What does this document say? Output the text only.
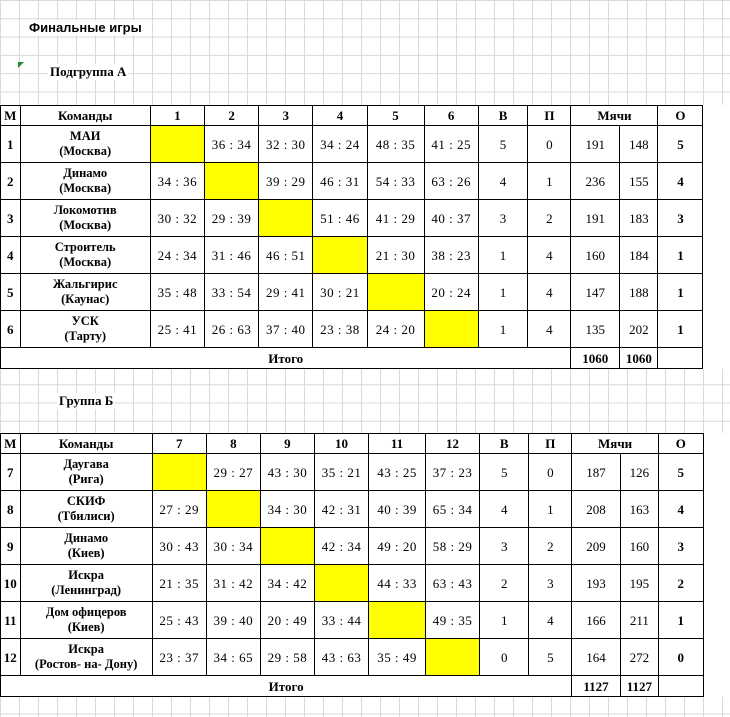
Финальные игры
Подгруппа А
М	Команды	1	2	3	4	5	6	В	П	Мячи		О
1	МАИ
(Москва)		36 : 34	32 : 30	34 : 24	48 : 35	41 : 25	5	0	191	148	5
2	Динамо
(Москва)	34 : 36		39 : 29	46 : 31	54 : 33	63 : 26	4	1	236	155	4
3	Локомотив
(Москва)	30 : 32	29 : 39		51 : 46	41 : 29	40 : 37	3	2	191	183	3
4	Строитель
(Москва)	24 : 34	31 : 46	46 : 51		21 : 30	38 : 23	1	4	160	184	1
5	Жальгирис
(Каунас)	35 : 48	33 : 54	29 : 41	30 : 21		20 : 24	1	4	147	188	1
6	УСК
(Тарту)	25 : 41	26 : 63	37 : 40	23 : 38	24 : 20		1	4	135	202	1
Итого										1060	1060	
Группа Б
М	Команды	7	8	9	10	11	12	В	П	Мячи		О
7	Даугава
(Рига)		29 : 27	43 : 30	35 : 21	43 : 25	37 : 23	5	0	187	126	5
8	СКИФ
(Тбилиси)	27 : 29		34 : 30	42 : 31	40 : 39	65 : 34	4	1	208	163	4
9	Динамо
(Киев)	30 : 43	30 : 34		42 : 34	49 : 20	58 : 29	3	2	209	160	3
10	Искра
(Ленинград)	21 : 35	31 : 42	34 : 42		44 : 33	63 : 43	2	3	193	195	2
11	Дом офицеров
(Киев)	25 : 43	39 : 40	20 : 49	33 : 44		49 : 35	1	4	166	211	1
12	Искра
(Ростов- на- Дону)	23 : 37	34 : 65	29 : 58	43 : 63	35 : 49		0	5	164	272	0
Итого										1127	1127	
